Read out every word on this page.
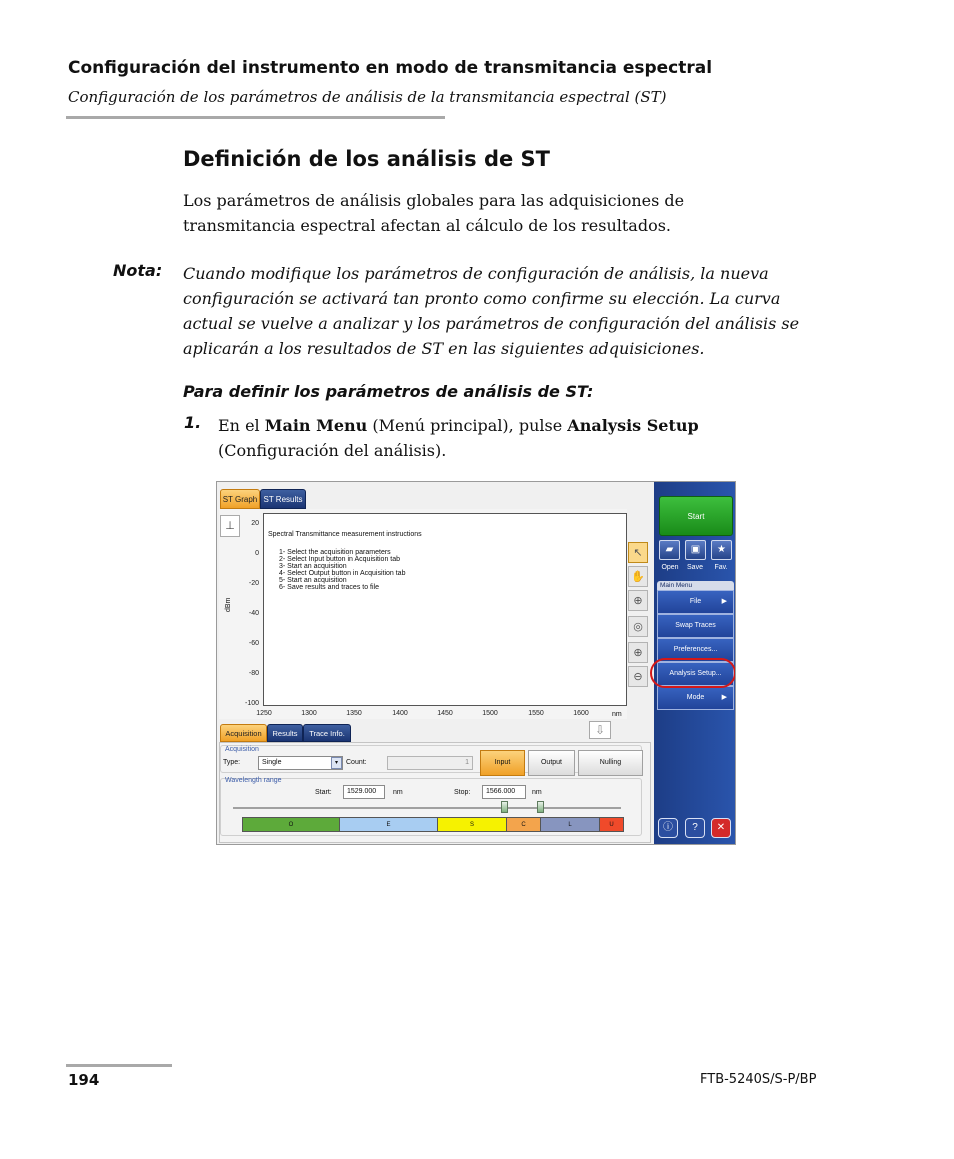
Configuración del instrumento en modo de transmitancia espectral
Configuración de los parámetros de análisis de la transmitancia espectral (ST)
Definición de los análisis de ST
Los parámetros de análisis globales para las adquisiciones de transmitancia espectral afectan al cálculo de los resultados.
Nota: Cuando modifique los parámetros de configuración de análisis, la nueva configuración se activará tan pronto como confirme su elección. La curva actual se vuelve a analizar y los parámetros de configuración del análisis se aplicarán a los resultados de ST en las siguientes adquisiciones.
Para definir los parámetros de análisis de ST:
1. En el Main Menu (Menú principal), pulse Analysis Setup (Configuración del análisis).
ST Graph ST Results
⊥	20
0
-20
-40
-60
-80
-100
dBm
1250	1300	1350	1400	1450	1500	1550	1600	nm
Spectral Transmittance measurement instructions
1- Select the acquisition parameters
2- Select Input button in Acquisition tab
3- Start an acquisition
4- Select Output button in Acquisition tab
5- Start an acquisition
6- Save results and traces to file
↖
✋
⊕
◎
⊕
⊖
Start
▰	▣	★
Open	Save	Fav.
Main Menu
File	▶
Swap Traces
Preferences...
Analysis Setup...
Mode ▶
ⓘ	?	✕
Acquisition	Results	Trace Info.	⇩
Acquisition
Type:	Single	▾	Count:	1	Input	Output	Nulling
Wavelength range
Start:	1529.000	nm	Stop:	1566.000	nm
O	E	S	C	L	U
194	FTB-5240S/S-P/BP
